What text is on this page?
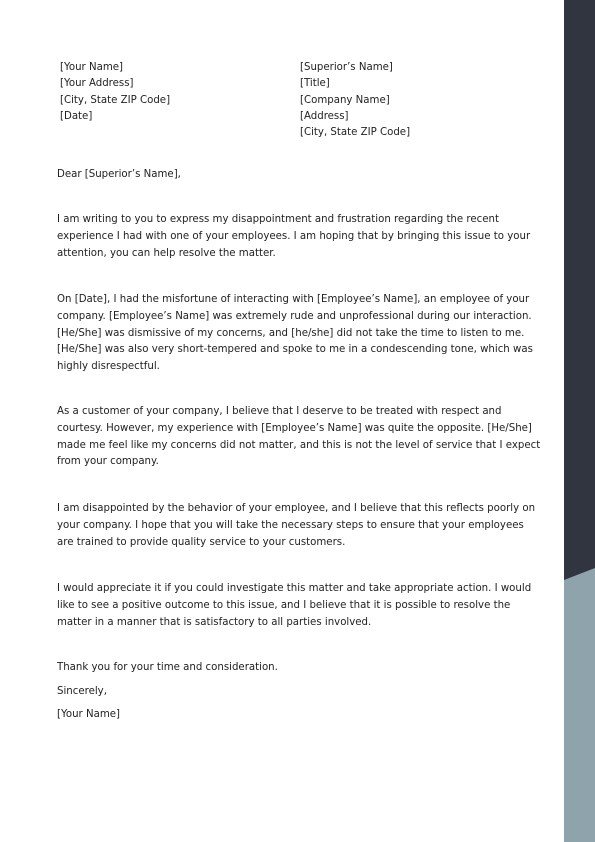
[Your Name]
[Your Address]
[City, State ZIP Code]
[Date]
[Superior’s Name]
[Title]
[Company Name]
[Address]
[City, State ZIP Code]

Dear [Superior’s Name],

I am writing to you to express my disappointment and frustration regarding the recent experience I had with one of your employees. I am hoping that by bringing this issue to your attention, you can help resolve the matter.

On [Date], I had the misfortune of interacting with [Employee’s Name], an employee of your company. [Employee’s Name] was extremely rude and unprofessional during our interaction. [He/She] was dismissive of my concerns, and [he/she] did not take the time to listen to me. [He/She] was also very short-tempered and spoke to me in a condescending tone, which was highly disrespectful.

As a customer of your company, I believe that I deserve to be treated with respect and courtesy. However, my experience with [Employee’s Name] was quite the opposite. [He/She] made me feel like my concerns did not matter, and this is not the level of service that I expect from your company.

I am disappointed by the behavior of your employee, and I believe that this reflects poorly on your company. I hope that you will take the necessary steps to ensure that your employees are trained to provide quality service to your customers.

I would appreciate it if you could investigate this matter and take appropriate action. I would like to see a positive outcome to this issue, and I believe that it is possible to resolve the matter in a manner that is satisfactory to all parties involved.

Thank you for your time and consideration.

Sincerely,

[Your Name]
